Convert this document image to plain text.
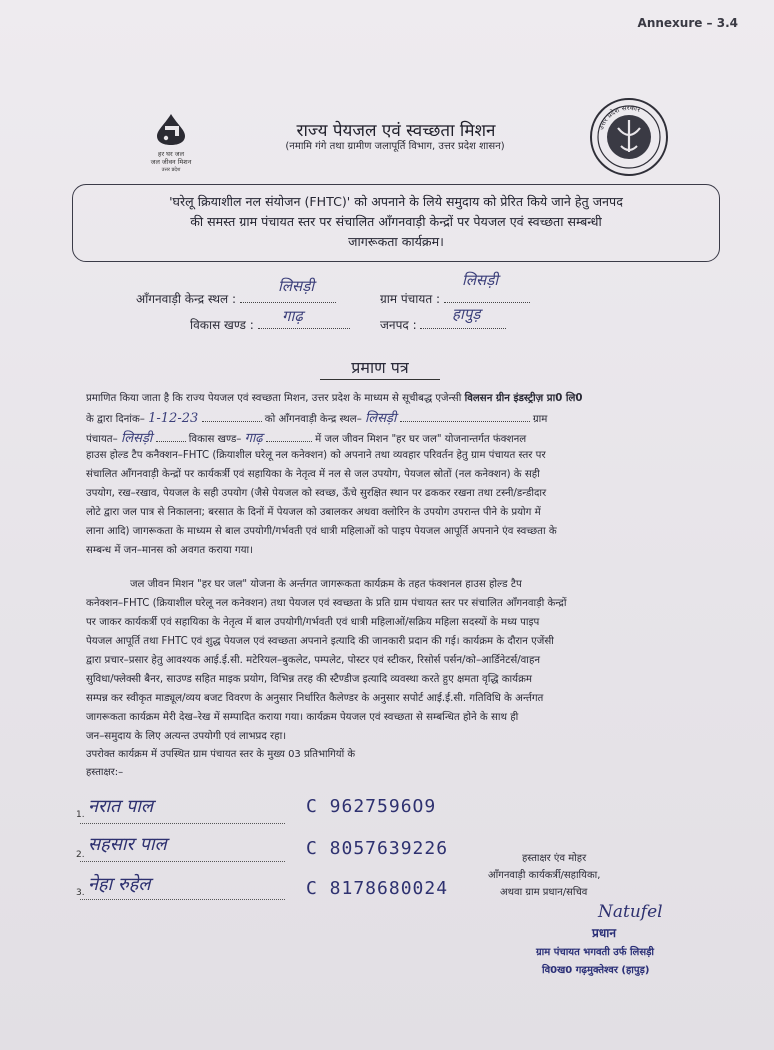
Annexure – 3.4
हर घर जल
जल जीवन मिशन
उत्तर प्रदेश
उत्तर प्रदेश सरकार
राज्य पेयजल एवं स्वच्छता मिशन
(नमामि गंगे तथा ग्रामीण जलापूर्ति विभाग, उत्तर प्रदेश शासन)
'घरेलू क्रियाशील नल संयोजन (FHTC)' को अपनाने के लिये समुदाय को प्रेरित किये जाने हेतु जनपद
की समस्त ग्राम पंचायत स्तर पर संचालित आँगनवाड़ी केन्द्रों पर पेयजल एवं स्वच्छता सम्बन्धी
जागरूकता कार्यक्रम।
आँगनवाड़ी केन्द्र स्थल :
लिसड़ी
ग्राम पंचायत :
लिसड़ी
विकास खण्ड :	गाढ़	जनपद :
हापुड़
प्रमाण पत्र
प्रमाणित किया जाता है कि राज्य पेयजल एवं स्वच्छता मिशन, उत्तर प्रदेश के माध्यम से सूचीबद्ध एजेन्सी विलसन ग्रीन इंडस्ट्रीज़ प्रा0 लि0
के द्वारा दिनांक– 1-12-23	को आँगनवाड़ी केन्द्र स्थल– लिसड़ी	ग्राम
पंचायत– लिसड़ी	विकास खण्ड– गाढ़	में जल जीवन मिशन "हर घर जल" योजनान्तर्गत फंक्शनल
हाउस होल्ड टैप कनैक्शन–FHTC (क्रियाशील घरेलू नल कनेक्शन) को अपनाने तथा व्यवहार परिवर्तन हेतु ग्राम पंचायत स्तर पर
संचालित आँगनवाड़ी केन्द्रों पर कार्यकर्त्री एवं सहायिका के नेतृत्व में नल से जल उपयोग, पेयजल स्रोतों (नल कनेक्शन) के सही
उपयोग, रख–रखाव, पेयजल के सही उपयोग (जैसे पेयजल को स्वच्छ, ऊँचे सुरक्षित स्थान पर ढककर रखना तथा टस्नी/डन्डीदार
लोटे द्वारा जल पात्र से निकालना; बरसात के दिनों में पेयजल को उबालकर अथवा क्लोरिन के उपयोग उपरान्त पीने के प्रयोग में
लाना आदि) जागरूकता के माध्यम से बाल उपयोगी/गर्भवती एवं धात्री महिलाओं को पाइप पेयजल आपूर्ति अपनाने एंव स्वच्छता के
सम्बन्ध में जन–मानस को अवगत कराया गया।
जल जीवन मिशन "हर घर जल" योजना के अर्न्तगत जागरूकता कार्यक्रम के तहत फंक्शनल हाउस होल्ड टैप
कनेक्शन–FHTC (क्रियाशील घरेलू नल कनेक्शन) तथा पेयजल एवं स्वच्छता के प्रति ग्राम पंचायत स्तर पर संचालित आँगनवाड़ी केन्द्रों
पर जाकर कार्यकर्त्री एवं सहायिका के नेतृत्व में बाल उपयोगी/गर्भवती एवं धात्री महिलाओं/सक्रिय महिला सदस्यों के मध्य पाइप
पेयजल आपूर्ति तथा FHTC एवं शुद्ध पेयजल एवं स्वच्छता अपनाने इत्यादि की जानकारी प्रदान की गई। कार्यक्रम के दौरान एजेंसी
द्वारा प्रचार–प्रसार हेतु आवश्यक आई.ई.सी. मटेरियल–बुकलेट, पम्पलेट, पोस्टर एवं स्टीकर, रिसोर्स पर्सन/को–आर्डिनेटर्स/वाहन
सुविधा/फ्लेक्सी बैनर, साउण्ड सहित माइक प्रयोग, विभिन्न तरह की स्टैण्डीज इत्यादि व्यवस्था करते हुए क्षमता वृद्धि कार्यक्रम
सम्पन्न कर स्वीकृत माड्यूल/व्यय बजट विवरण के अनुसार निर्धारित कैलेण्डर के अनुसार सपोर्ट आई.ई.सी. गतिविधि के अर्न्तगत
जागरूकता कार्यक्रम मेरी देख–रेख में सम्पादित कराया गया। कार्यक्रम पेयजल एवं स्वच्छता से सम्बन्धित होने के साथ ही
जन–समुदाय के लिए अत्यन्त उपयोगी एवं लाभप्रद रहा।
उपरोक्त कार्यक्रम में उपस्थित ग्राम पंचायत स्तर के मुख्य 03 प्रतिभागियों के
हस्ताक्षर:–
1. नरात पाल	C 9627596O9
2. सहसार पाल	C 8057639226
3. नेहा रुहेल	C 8178680024
हस्ताक्षर एंव मोहर
आँगनवाड़ी कार्यकर्त्री/सहायिका,
अथवा ग्राम प्रधान/सचिव
Natufel
प्रधान
ग्राम पंचायत भगवती उर्फ लिसड़ी
वि0ख0 गढ़मुक्तेश्वर (हापुड़)
